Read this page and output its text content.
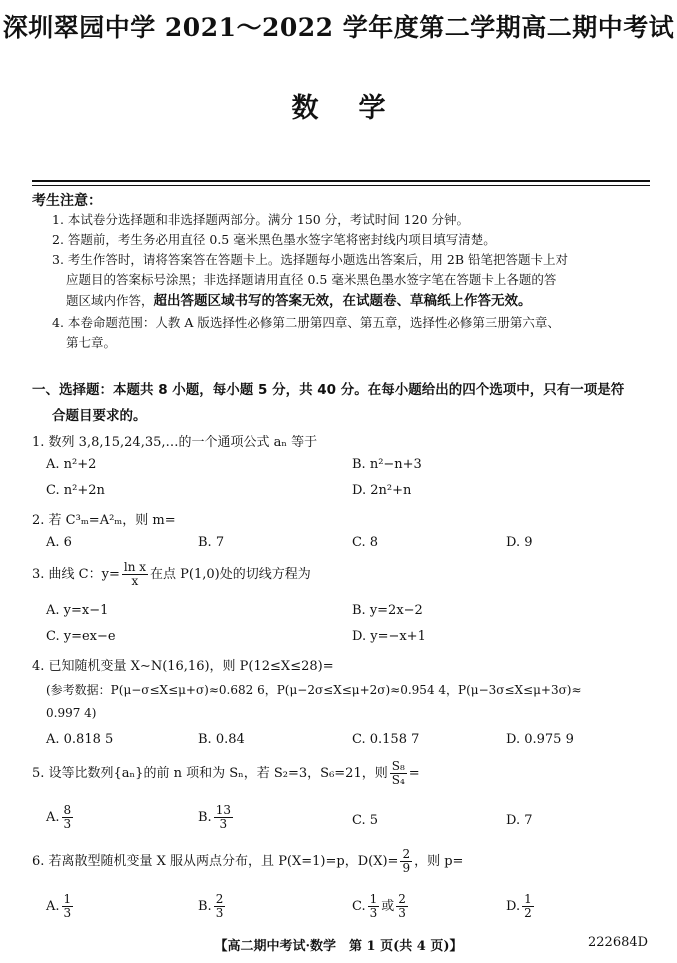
深圳翠园中学 2021～2022 学年度第二学期高二期中考试
数学
考生注意：
1. 本试卷分选择题和非选择题两部分。满分 150 分，考试时间 120 分钟。
2. 答题前，考生务必用直径 0.5 毫米黑色墨水签字笔将密封线内项目填写清楚。
3. 考生作答时，请将答案答在答题卡上。选择题每小题选出答案后，用 2B 铅笔把答题卡上对
应题目的答案标号涂黑；非选择题请用直径 0.5 毫米黑色墨水签字笔在答题卡上各题的答
题区域内作答，超出答题区域书写的答案无效，在试题卷、草稿纸上作答无效。
4. 本卷命题范围：人教 A 版选择性必修第二册第四章、第五章，选择性必修第三册第六章、
第七章。
一、选择题：本题共 8 小题，每小题 5 分，共 40 分。在每小题给出的四个选项中，只有一项是符
合题目要求的。
1. 数列 3,8,15,24,35,…的一个通项公式 aₙ 等于
A. n²+2	B. n²−n+3
C. n²+2n	D. 2n²+n
2. 若 C³ₘ=A²ₘ，则 m=
A. 6	B. 7	C. 8	D. 9
3. 曲线 C：$y= \frac{\text{ln x}}{x}$ 在点 P(1,0)处的切线方程为
A. y=x−1	B. y=2x−2
C. y=ex−e	D. y=−x+1
4. 已知随机变量 X∼N(16,16)，则 P(12≤X≤28)=
(参考数据：P(μ−σ≤X≤μ+σ)≈0.682 6，P(μ−2σ≤X≤μ+2σ)≈0.954 4，P(μ−3σ≤X≤μ+3σ)≈
0.997 4)
A. 0.818 5	B. 0.84	C. 0.158 7	D. 0.975 9
5. 设等比数列{aₙ}的前 n 项和为 Sₙ，若 S₂=3，S₆=21，则 $\frac{\text{S₈}}{\text{S₄}}$ =
A. $\frac{8}{3}$	B. $\frac{13}{3}$	C. 5	D. 7
6. 若离散型随机变量 X 服从两点分布，且 P(X=1)=p，$D(X)= \frac{2}{9}$ ，则 p=
A. $\frac{1}{3}$	B. $\frac{2}{3}$	C. $\frac{1}{3}$ 或 $\frac{2}{3}$	D. $\frac{1}{2}$
【高二期中考试·数学　第 1 页(共 4 页)】	222684D
